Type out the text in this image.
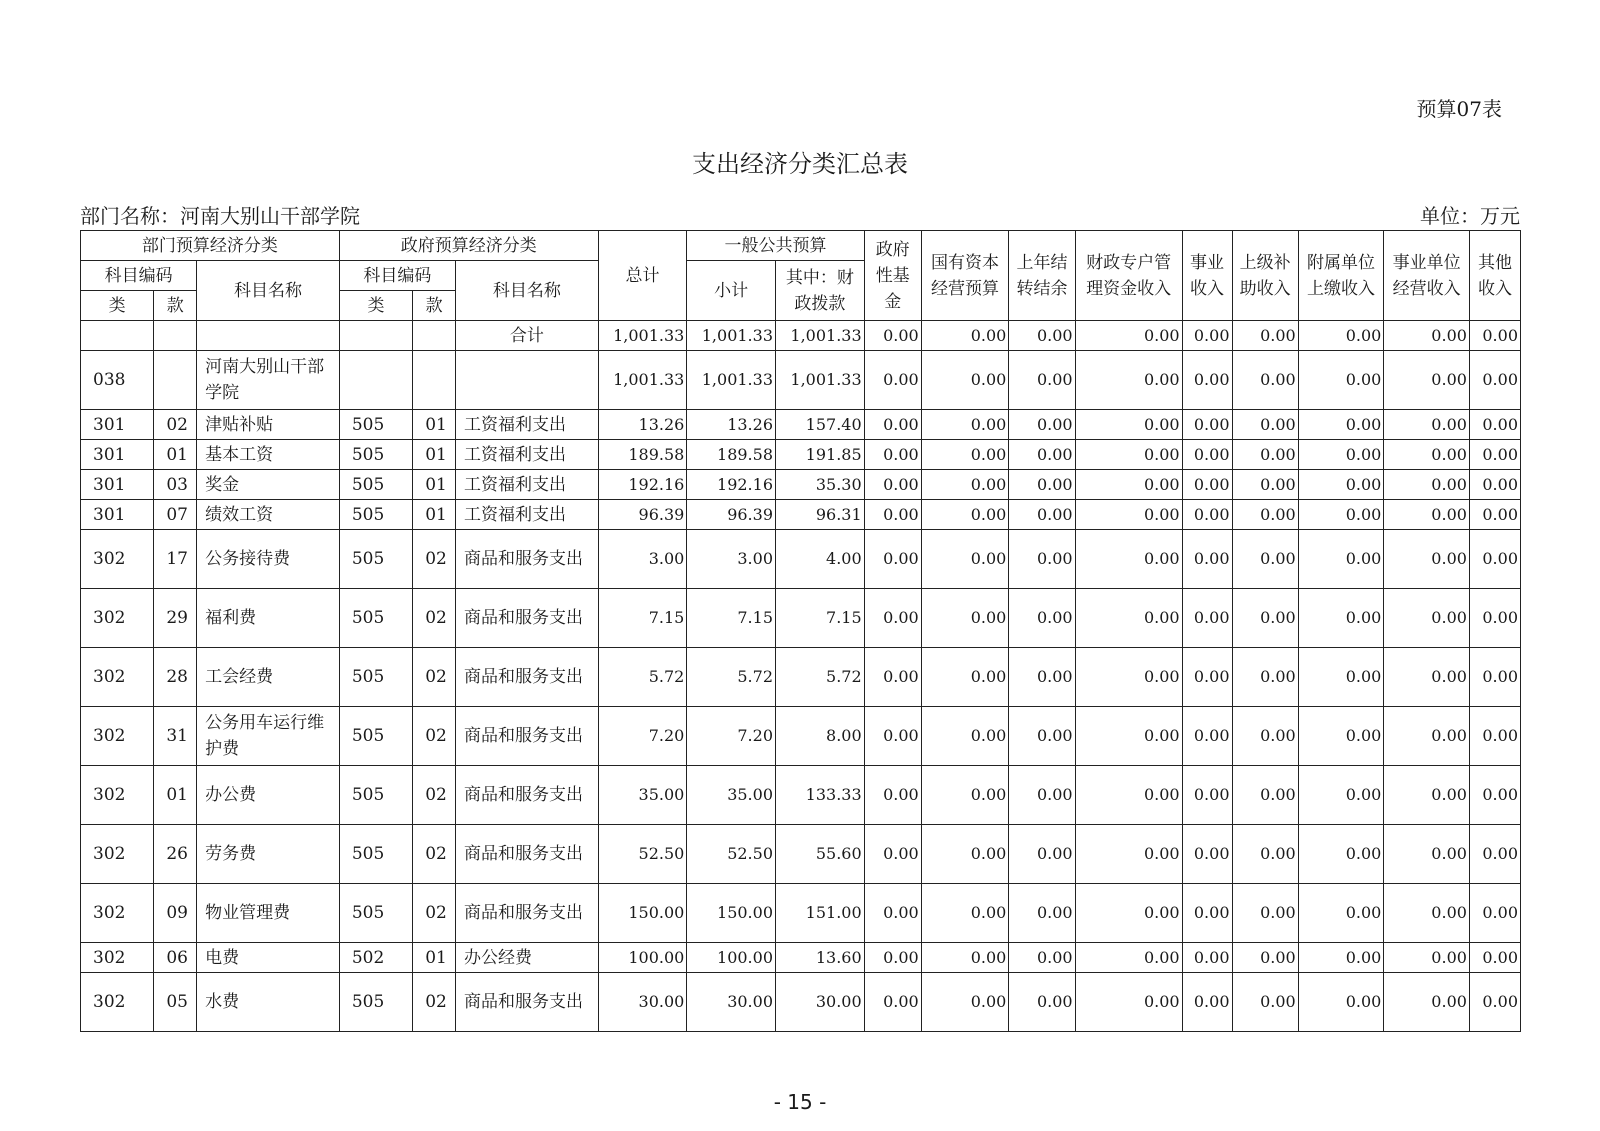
预算07表
支出经济分类汇总表
部门名称：河南大别山干部学院	单位：万元
部门预算经济分类			政府预算经济分类			总计	一般公共预算		政府性基金	国有资本经营预算	上年结转结余	财政专户管理资金收入	事业收入	上级补助收入	附属单位上缴收入	事业单位经营收入	其他收入
科目编码		科目名称	科目编码		科目名称		小计	其中：财政拨款									
类	款		类	款													
					合计	1,001.33	1,001.33	1,001.33	0.00	0.00	0.00	0.00	0.00	0.00	0.00	0.00	0.00
038		河南大别山干部学院				1,001.33	1,001.33	1,001.33	0.00	0.00	0.00	0.00	0.00	0.00	0.00	0.00	0.00
301	02	津贴补贴	505	01	工资福利支出	13.26	13.26	157.40	0.00	0.00	0.00	0.00	0.00	0.00	0.00	0.00	0.00
301	01	基本工资	505	01	工资福利支出	189.58	189.58	191.85	0.00	0.00	0.00	0.00	0.00	0.00	0.00	0.00	0.00
301	03	奖金	505	01	工资福利支出	192.16	192.16	35.30	0.00	0.00	0.00	0.00	0.00	0.00	0.00	0.00	0.00
301	07	绩效工资	505	01	工资福利支出	96.39	96.39	96.31	0.00	0.00	0.00	0.00	0.00	0.00	0.00	0.00	0.00
302	17	公务接待费	505	02	商品和服务支出	3.00	3.00	4.00	0.00	0.00	0.00	0.00	0.00	0.00	0.00	0.00	0.00
302	29	福利费	505	02	商品和服务支出	7.15	7.15	7.15	0.00	0.00	0.00	0.00	0.00	0.00	0.00	0.00	0.00
302	28	工会经费	505	02	商品和服务支出	5.72	5.72	5.72	0.00	0.00	0.00	0.00	0.00	0.00	0.00	0.00	0.00
302	31	公务用车运行维护费	505	02	商品和服务支出	7.20	7.20	8.00	0.00	0.00	0.00	0.00	0.00	0.00	0.00	0.00	0.00
302	01	办公费	505	02	商品和服务支出	35.00	35.00	133.33	0.00	0.00	0.00	0.00	0.00	0.00	0.00	0.00	0.00
302	26	劳务费	505	02	商品和服务支出	52.50	52.50	55.60	0.00	0.00	0.00	0.00	0.00	0.00	0.00	0.00	0.00
302	09	物业管理费	505	02	商品和服务支出	150.00	150.00	151.00	0.00	0.00	0.00	0.00	0.00	0.00	0.00	0.00	0.00
302	06	电费	502	01	办公经费	100.00	100.00	13.60	0.00	0.00	0.00	0.00	0.00	0.00	0.00	0.00	0.00
302	05	水费	505	02	商品和服务支出	30.00	30.00	30.00	0.00	0.00	0.00	0.00	0.00	0.00	0.00	0.00	0.00
- 15 -
